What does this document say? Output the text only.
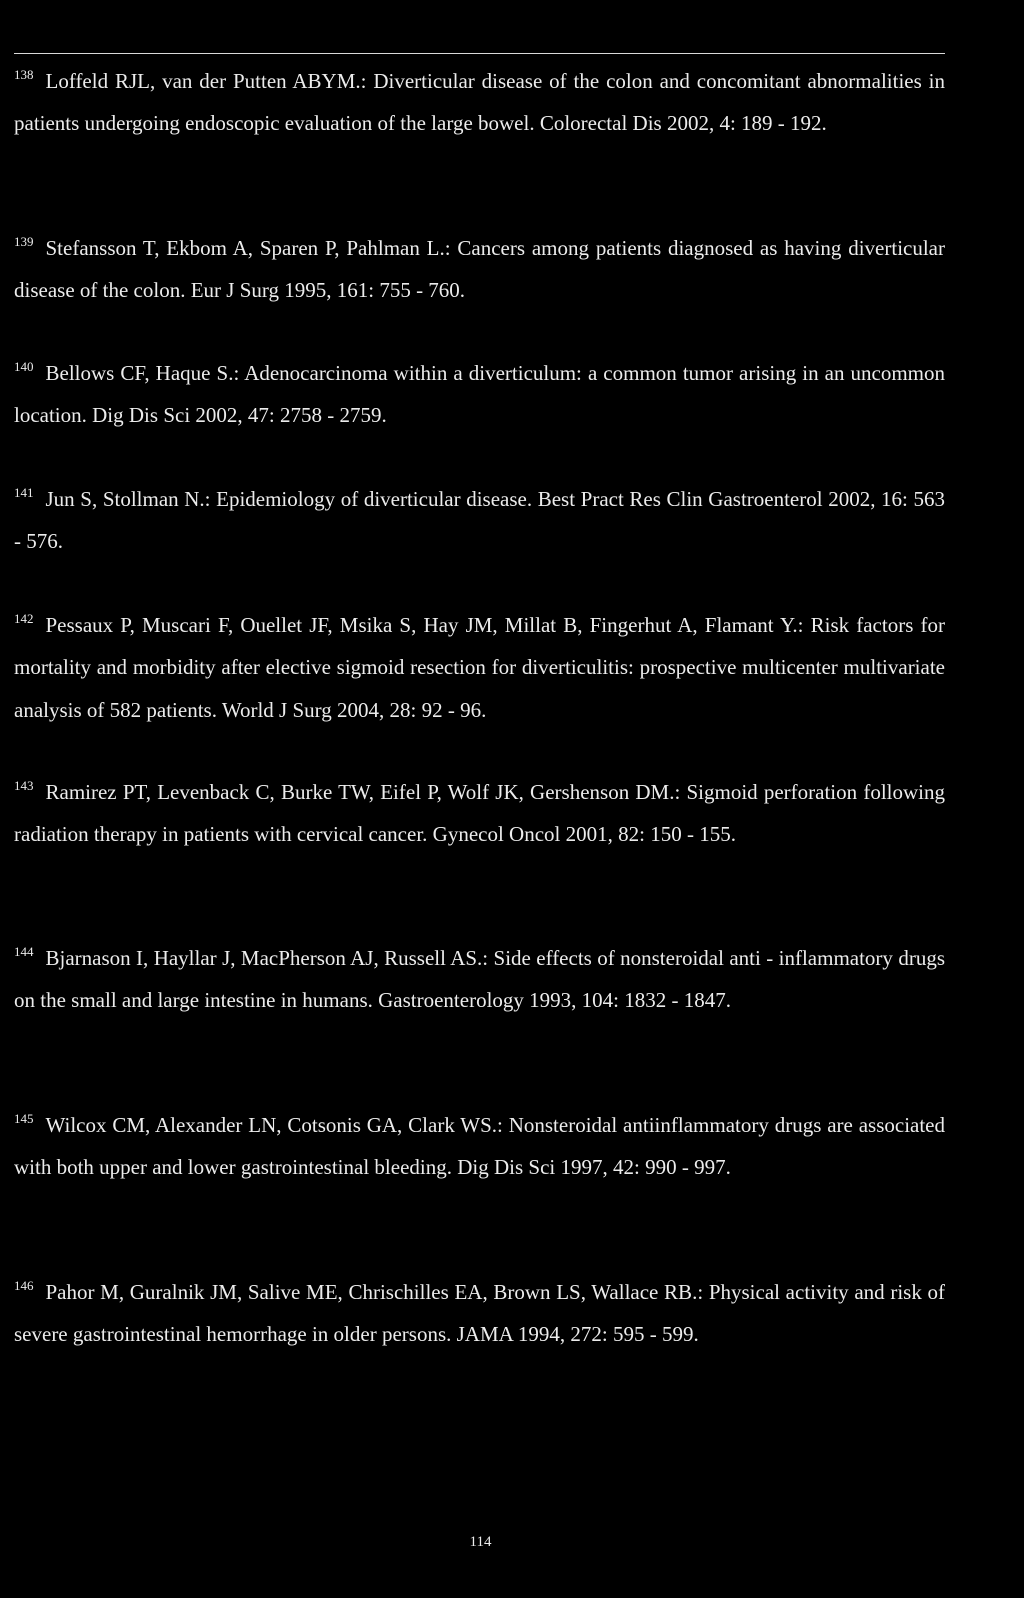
$^{138}$ Loffeld RJL, van der Putten ABYM.: Diverticular disease of the colon and concomitant abnormalities in patients undergoing endoscopic evaluation of the large bowel. Colorectal Dis 2002, 4: 189 - 192.
$^{139}$ Stefansson T, Ekbom A, Sparen P, Pahlman L.: Cancers among patients diagnosed as having diverticular disease of the colon. Eur J Surg 1995, 161: 755 - 760.
$^{140}$ Bellows CF, Haque S.: Adenocarcinoma within a diverticulum: a common tumor arising in an uncommon location. Dig Dis Sci 2002, 47: 2758 - 2759.
$^{141}$ Jun S, Stollman N.: Epidemiology of diverticular disease. Best Pract Res Clin Gastroenterol 2002, 16: 563 - 576.
$^{142}$ Pessaux P, Muscari F, Ouellet JF, Msika S, Hay JM, Millat B, Fingerhut A, Flamant Y.: Risk factors for mortality and morbidity after elective sigmoid resection for diverticulitis: prospective multicenter multivariate analysis of 582 patients. World J Surg 2004, 28: 92 - 96.
$^{143}$ Ramirez PT, Levenback C, Burke TW, Eifel P, Wolf JK, Gershenson DM.: Sigmoid perforation following radiation therapy in patients with cervical cancer. Gynecol Oncol 2001, 82: 150 - 155.
$^{144}$ Bjarnason I, Hayllar J, MacPherson AJ, Russell AS.: Side effects of nonsteroidal anti - inflammatory drugs on the small and large intestine in humans. Gastroenterology 1993, 104: 1832 - 1847.
$^{145}$ Wilcox CM, Alexander LN, Cotsonis GA, Clark WS.: Nonsteroidal antiinflammatory drugs are associated with both upper and lower gastrointestinal bleeding. Dig Dis Sci 1997, 42: 990 - 997.
$^{146}$ Pahor M, Guralnik JM, Salive ME, Chrischilles EA, Brown LS, Wallace RB.: Physical activity and risk of severe gastrointestinal hemorrhage in older persons. JAMA 1994, 272: 595 - 599.
114
